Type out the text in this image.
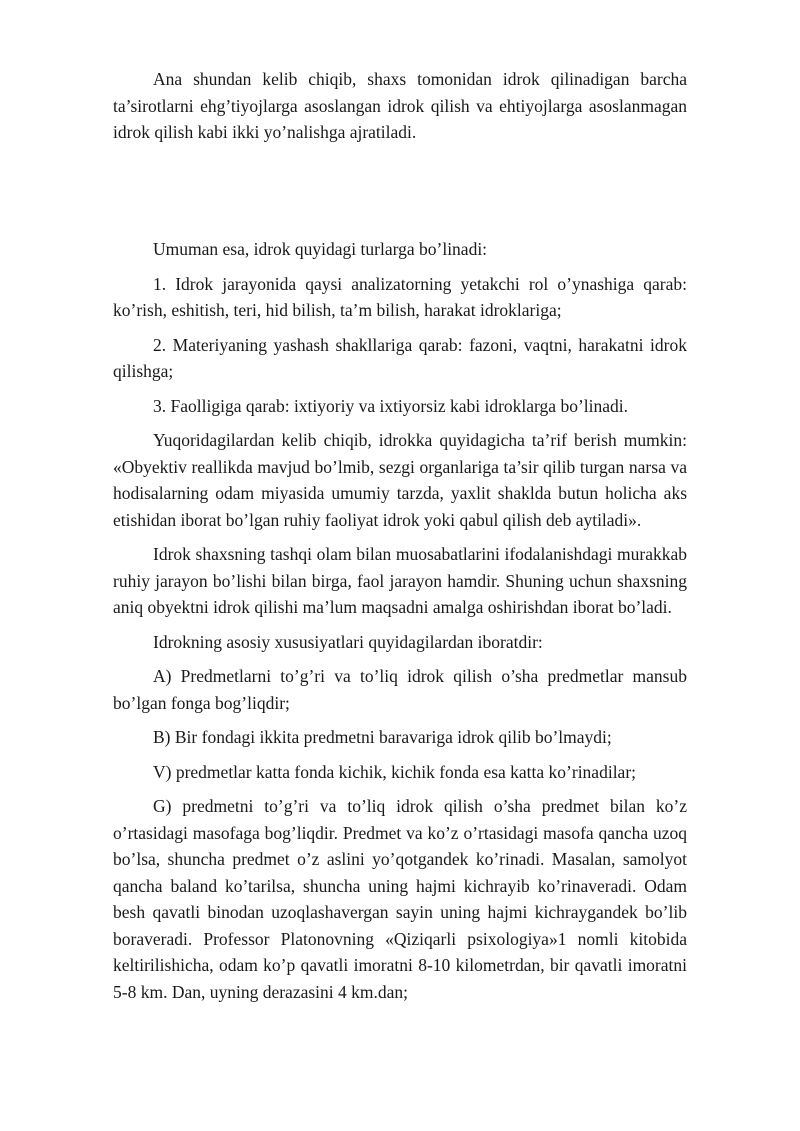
Ana shundan kelib chiqib, shaxs tomonidan idrok qilinadigan barcha ta’sirotlarni ehg’tiyojlarga asoslangan idrok qilish va ehtiyojlarga asoslanmagan idrok qilish kabi ikki yo’nalishga ajratiladi.

Umuman esa, idrok quyidagi turlarga bo’linadi:

1. Idrok jarayonida qaysi analizatorning yetakchi rol o’ynashiga qarab: ko’rish, eshitish, teri, hid bilish, ta’m bilish, harakat idroklariga;

2. Materiyaning yashash shakllariga qarab: fazoni, vaqtni, harakatni idrok qilishga;

3. Faolligiga qarab: ixtiyoriy va ixtiyorsiz kabi idroklarga bo’linadi.

Yuqoridagilardan kelib chiqib, idrokka quyidagicha ta’rif berish mumkin: «Obyektiv reallikda mavjud bo’lmib, sezgi organlariga ta’sir qilib turgan narsa va hodisalarning odam miyasida umumiy tarzda, yaxlit shaklda butun holicha aks etishidan iborat bo’lgan ruhiy faoliyat idrok yoki qabul qilish deb aytiladi».

Idrok shaxsning tashqi olam bilan muosabatlarini ifodalanishdagi murakkab ruhiy jarayon bo’lishi bilan birga, faol jarayon hamdir. Shuning uchun shaxsning aniq obyektni idrok qilishi ma’lum maqsadni amalga oshirishdan iborat bo’ladi.

Idrokning asosiy xususiyatlari quyidagilardan iboratdir:

A) Predmetlarni to’g’ri va to’liq idrok qilish o’sha predmetlar mansub bo’lgan fonga bog’liqdir;

B) Bir fondagi ikkita predmetni baravariga idrok qilib bo’lmaydi;

V) predmetlar katta fonda kichik, kichik fonda esa katta ko’rinadilar;

G) predmetni to’g’ri va to’liq idrok qilish o’sha predmet bilan ko’z o’rtasidagi masofaga bog’liqdir. Predmet va ko’z o’rtasidagi masofa qancha uzoq bo’lsa, shuncha predmet o’z aslini yo’qotgandek ko’rinadi. Masalan, samolyot qancha baland ko’tarilsa, shuncha uning hajmi kichrayib ko’rinaveradi. Odam besh qavatli binodan uzoqlashavergan sayin uning hajmi kichraygandek bo’lib boraveradi. Professor Platonovning «Qiziqarli psixologiya»1 nomli kitobida keltirilishicha, odam ko’p qavatli imoratni 8-10 kilometrdan, bir qavatli imoratni 5-8 km. Dan, uyning derazasini 4 km.dan;
